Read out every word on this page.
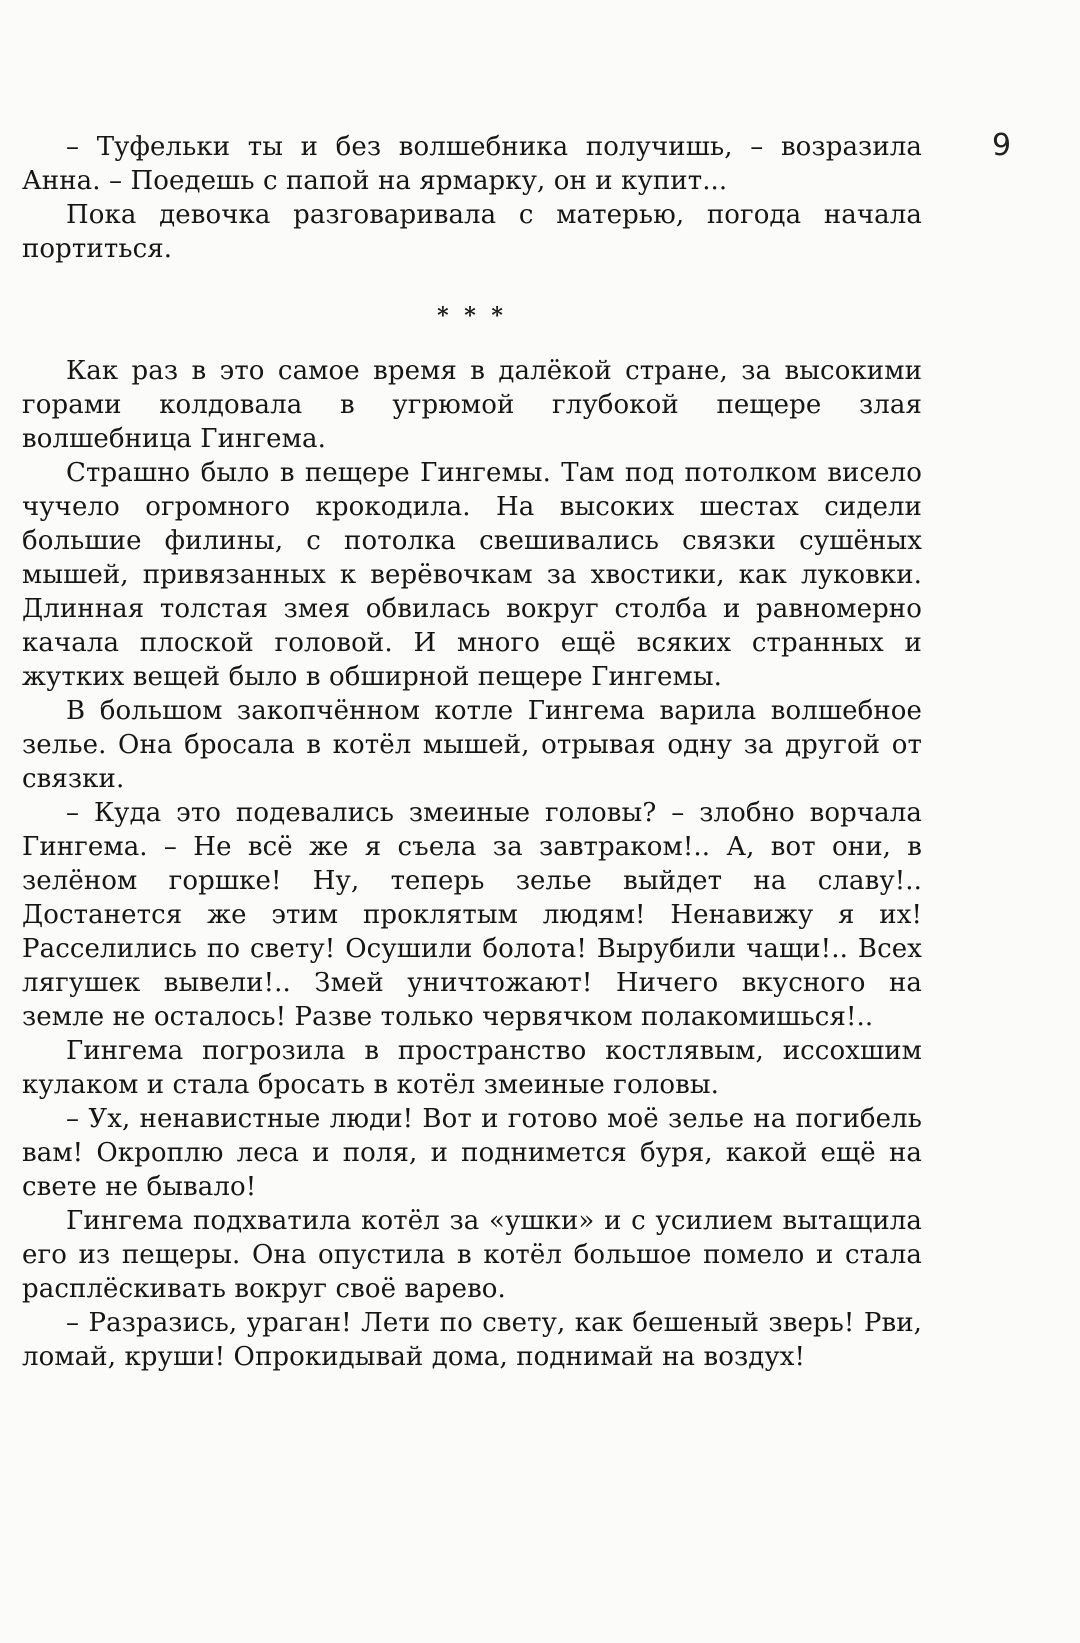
9

– Туфельки ты и без волшебника получишь, – возразила Анна. – Поедешь с папой на ярмарку, он и купит...

Пока девочка разговаривала с матерью, погода начала портиться.

* * *

Как раз в это самое время в далёкой стране, за высокими горами колдовала в угрюмой глубокой пещере злая волшебница Гингема.

Страшно было в пещере Гингемы. Там под потолком висело чучело огромного крокодила. На высоких шестах сидели большие филины, с потолка свешивались связки сушёных мышей, привязанных к верёвочкам за хвостики, как луковки. Длинная толстая змея обвилась вокруг столба и равномерно качала плоской головой. И много ещё всяких странных и жутких вещей было в обширной пещере Гингемы.

В большом закопчённом котле Гингема варила волшебное зелье. Она бросала в котёл мышей, отрывая одну за другой от связки.

– Куда это подевались змеиные головы? – злобно ворчала Гингема. – Не всё же я съела за завтраком!.. А, вот они, в зелёном горшке! Ну, теперь зелье выйдет на славу!.. Достанется же этим проклятым людям! Ненавижу я их! Расселились по свету! Осушили болота! Вырубили чащи!.. Всех лягушек вывели!.. Змей уничтожают! Ничего вкусного на земле не осталось! Разве только червячком полакомишься!..

Гингема погрозила в пространство костлявым, иссохшим кулаком и стала бросать в котёл змеиные головы.

– Ух, ненавистные люди! Вот и готово моё зелье на погибель вам! Окроплю леса и поля, и поднимется буря, какой ещё на свете не бывало!

Гингема подхватила котёл за «ушки» и с усилием вытащила его из пещеры. Она опустила в котёл большое помело и стала расплёскивать вокруг своё варево.

– Разразись, ураган! Лети по свету, как бешеный зверь! Рви, ломай, круши! Опрокидывай дома, поднимай на воздух!
